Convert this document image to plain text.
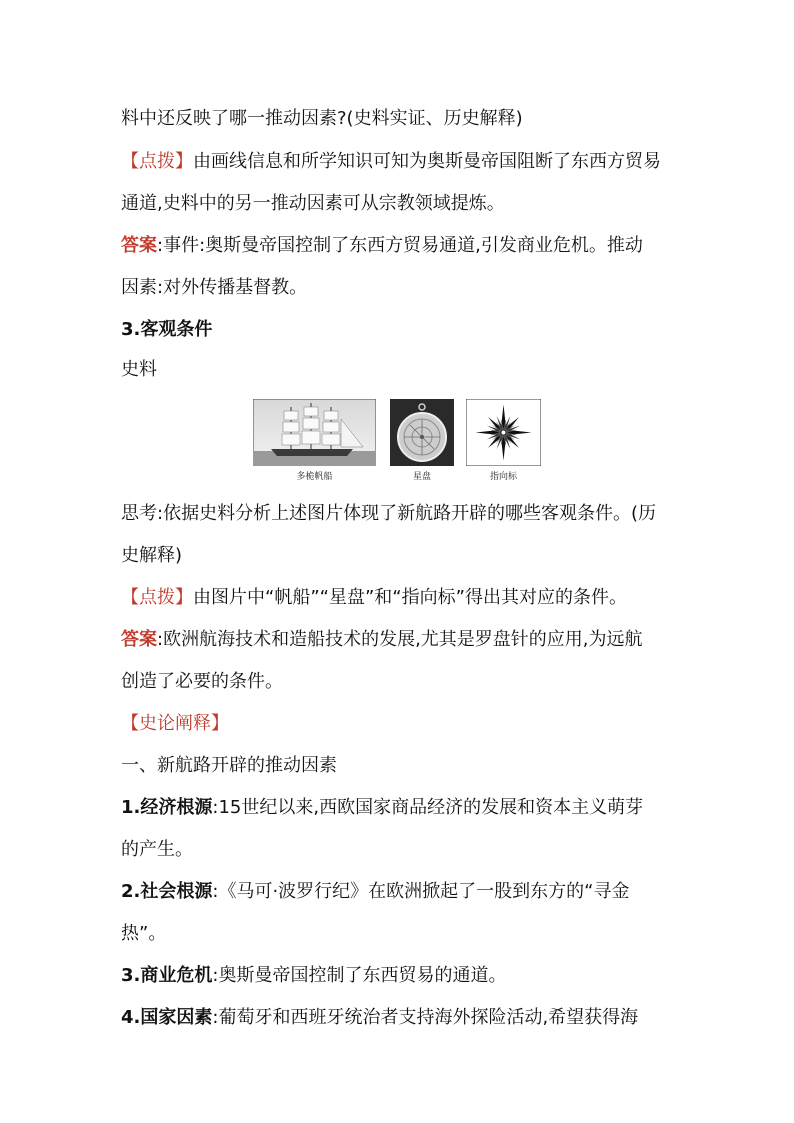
料中还反映了哪一推动因素?(史料实证、历史解释)
【点拨】由画线信息和所学知识可知为奥斯曼帝国阻断了东西方贸易
通道,史料中的另一推动因素可从宗教领域提炼。
答案:事件:奥斯曼帝国控制了东西方贸易通道,引发商业危机。推动
因素:对外传播基督教。
3.客观条件
史料
多桅帆船	星盘	指向标
思考:依据史料分析上述图片体现了新航路开辟的哪些客观条件。(历
史解释)
【点拨】由图片中“帆船”“星盘”和“指向标”得出其对应的条件。
答案:欧洲航海技术和造船技术的发展,尤其是罗盘针的应用,为远航
创造了必要的条件。
【史论阐释】
一、新航路开辟的推动因素
1.经济根源:15世纪以来,西欧国家商品经济的发展和资本主义萌芽
的产生。
2.社会根源:《马可·波罗行纪》在欧洲掀起了一股到东方的“寻金
热”。
3.商业危机:奥斯曼帝国控制了东西贸易的通道。
4.国家因素:葡萄牙和西班牙统治者支持海外探险活动,希望获得海
